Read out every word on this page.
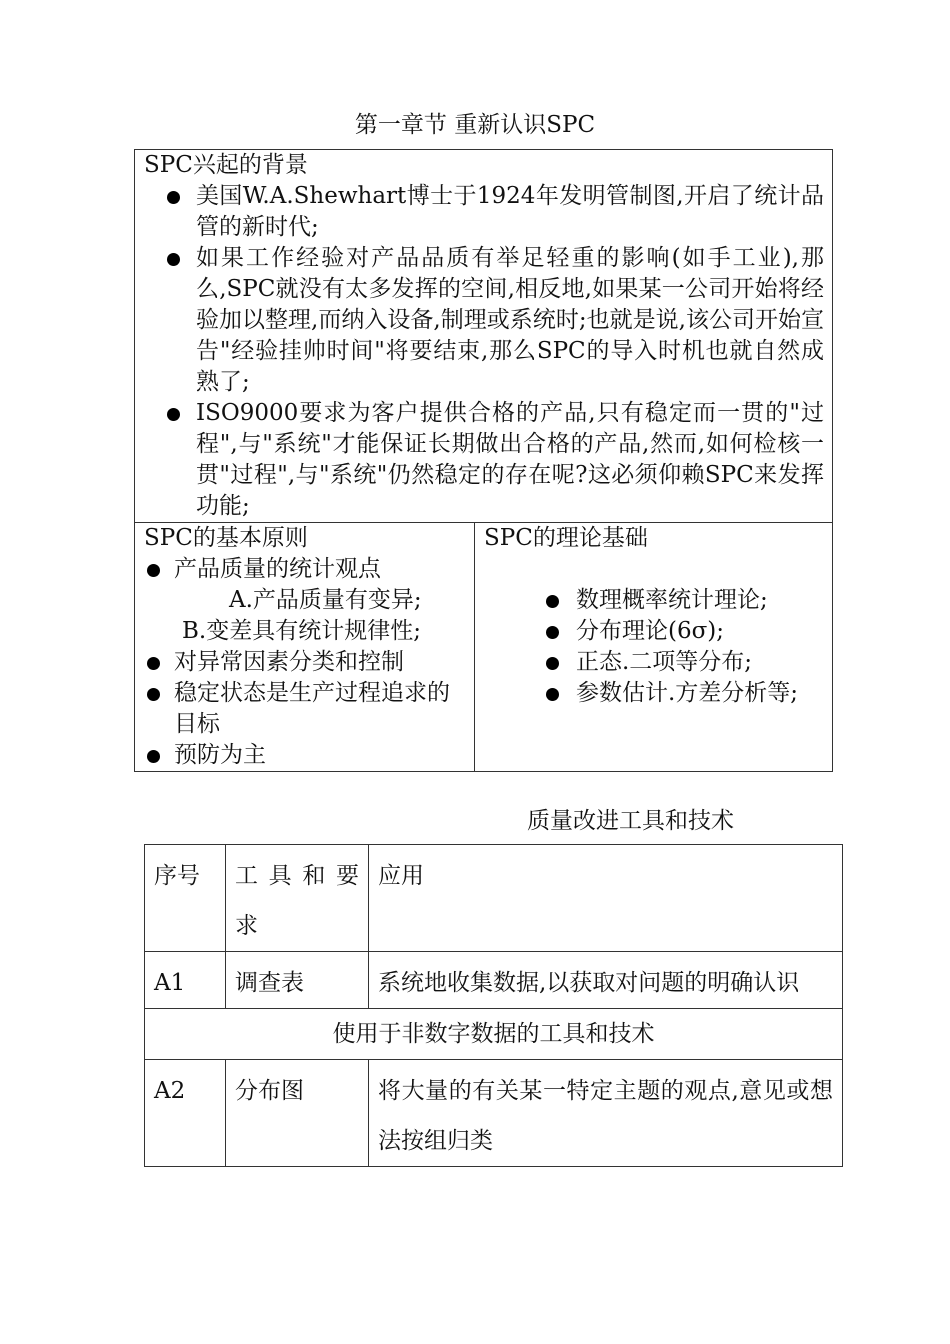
第一章节 重新认识SPC
SPC兴起的背景
美国W.A.Shewhart博士于1924年发明管制图,开启了统计品管的新时代;
如果工作经验对产品品质有举足轻重的影响(如手工业),那么,SPC就没有太多发挥的空间,相反地,如果某一公司开始将经验加以整理,而纳入设备,制理或系统时;也就是说,该公司开始宣告"经验挂帅时间"将要结束,那么SPC的导入时机也就自然成熟了;
ISO9000要求为客户提供合格的产品,只有稳定而一贯的"过程",与"系统"才能保证长期做出合格的产品,然而,如何检核一贯"过程",与"系统"仍然稳定的存在呢?这必须仰赖SPC来发挥功能;

SPC的基本原则
产品质量的统计观点
A.产品质量有变异;
B.变差具有统计规律性;
对异常因素分类和控制
稳定状态是生产过程追求的目标
预防为主

SPC的理论基础
数理概率统计理论;
分布理论(6σ);
正态.二项等分布;
参数估计.方差分析等;
质量改进工具和技术
序号	工 具 和 要求	应用
A1	调查表	系统地收集数据,以获取对问题的明确认识
使用于非数字数据的工具和技术		
A2	分布图	将大量的有关某一特定主题的观点,意见或想法按组归类
